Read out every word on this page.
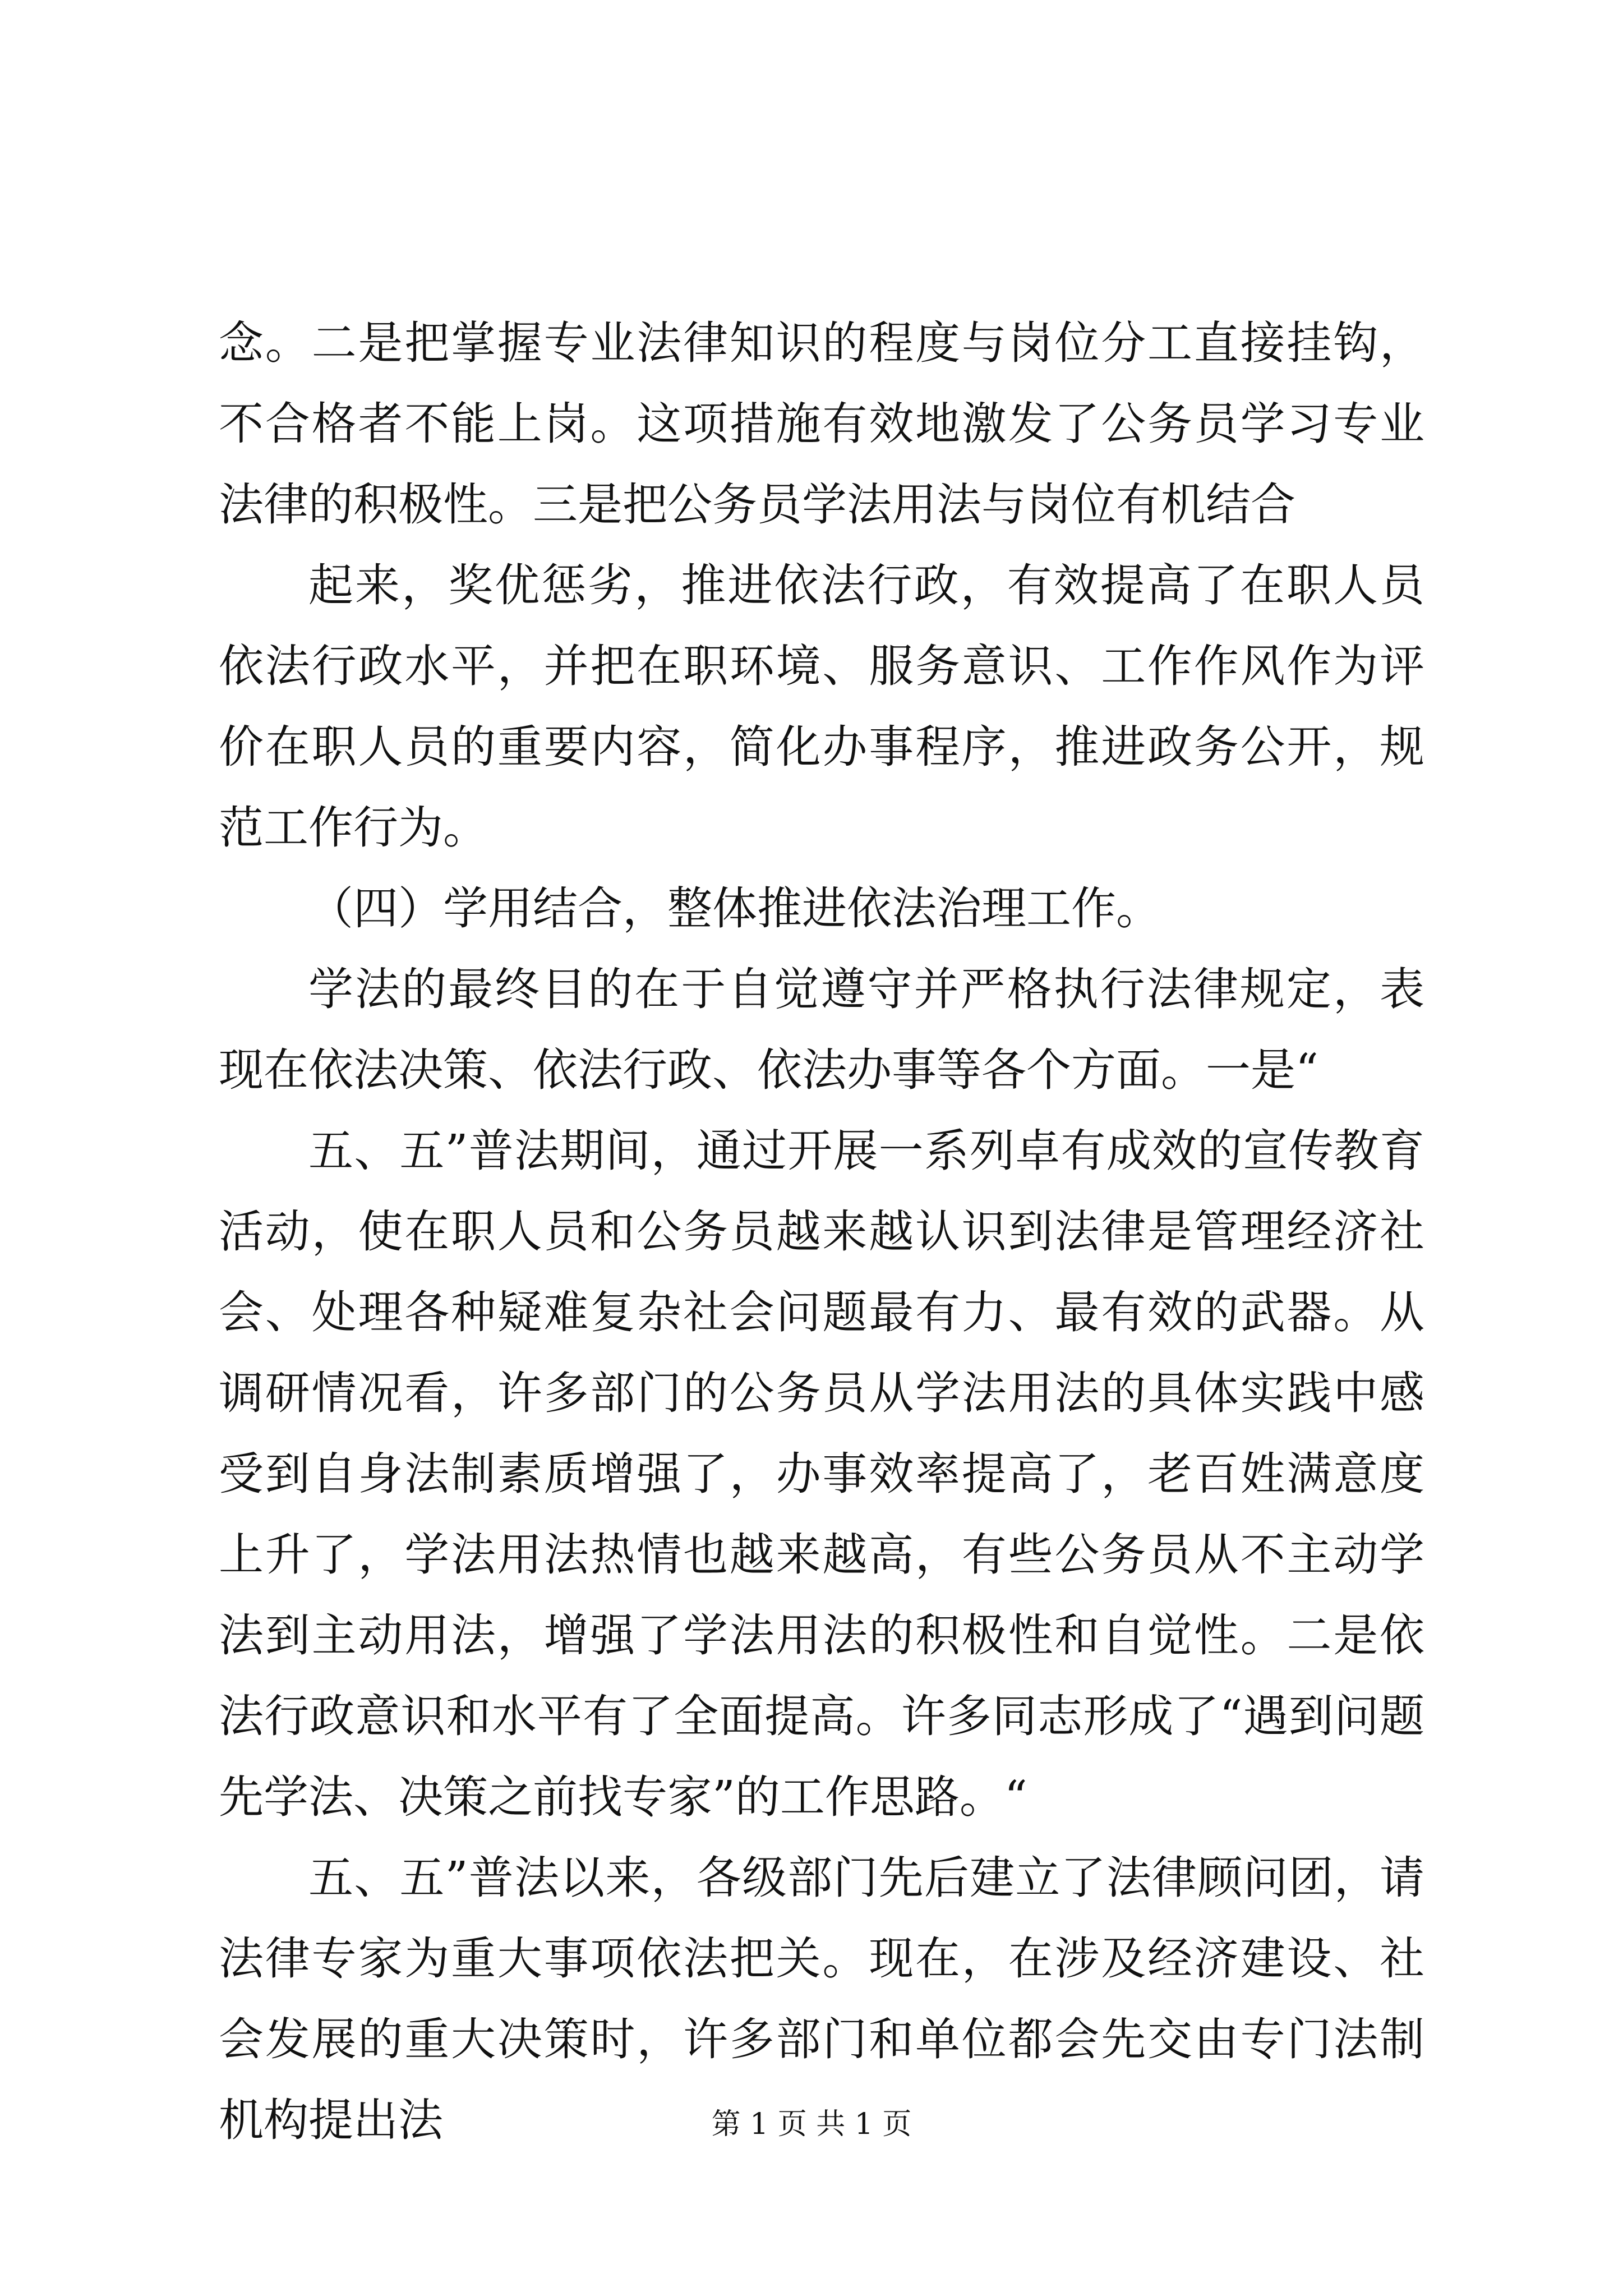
念。二是把掌握专业法律知识的程度与岗位分工直接挂钩，不合格者不能上岗。这项措施有效地激发了公务员学习专业法律的积极性。三是把公务员学法用法与岗位有机结合

起来，奖优惩劣，推进依法行政，有效提高了在职人员依法行政水平，并把在职环境、服务意识、工作作风作为评价在职人员的重要内容，简化办事程序，推进政务公开，规范工作行为。

（四）学用结合，整体推进依法治理工作。

学法的最终目的在于自觉遵守并严格执行法律规定，表现在依法决策、依法行政、依法办事等各个方面。一是“

五、五”普法期间，通过开展一系列卓有成效的宣传教育活动，使在职人员和公务员越来越认识到法律是管理经济社会、处理各种疑难复杂社会问题最有力、最有效的武器。从调研情况看，许多部门的公务员从学法用法的具体实践中感受到自身法制素质增强了，办事效率提高了，老百姓满意度上升了，学法用法热情也越来越高，有些公务员从不主动学法到主动用法，增强了学法用法的积极性和自觉性。二是依法行政意识和水平有了全面提高。许多同志形成了“遇到问题先学法、决策之前找专家”的工作思路。“

五、五”普法以来，各级部门先后建立了法律顾问团，请法律专家为重大事项依法把关。现在，在涉及经济建设、社会发展的重大决策时，许多部门和单位都会先交由专门法制机构提出法	第 1 页 共 1 页
